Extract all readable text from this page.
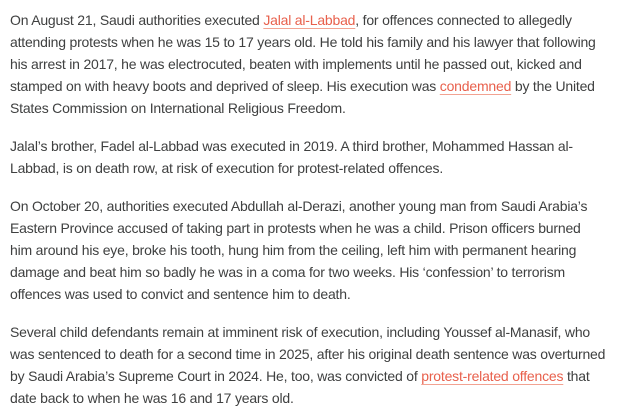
On August 21, Saudi authorities executed Jalal al-Labbad, for offences connected to allegedly attending protests when he was 15 to 17 years old. He told his family and his lawyer that following his arrest in 2017, he was electrocuted, beaten with implements until he passed out, kicked and stamped on with heavy boots and deprived of sleep. His execution was condemned by the United States Commission on International Religious Freedom.

Jalal’s brother, Fadel al-Labbad was executed in 2019. A third brother, Mohammed Hassan al-Labbad, is on death row, at risk of execution for protest-related offences.

On October 20, authorities executed Abdullah al-Derazi, another young man from Saudi Arabia’s Eastern Province accused of taking part in protests when he was a child. Prison officers burned him around his eye, broke his tooth, hung him from the ceiling, left him with permanent hearing damage and beat him so badly he was in a coma for two weeks. His ‘confession’ to terrorism offences was used to convict and sentence him to death.

Several child defendants remain at imminent risk of execution, including Youssef al-Manasif, who was sentenced to death for a second time in 2025, after his original death sentence was overturned by Saudi Arabia’s Supreme Court in 2024. He, too, was convicted of protest-related offences that date back to when he was 16 and 17 years old.
